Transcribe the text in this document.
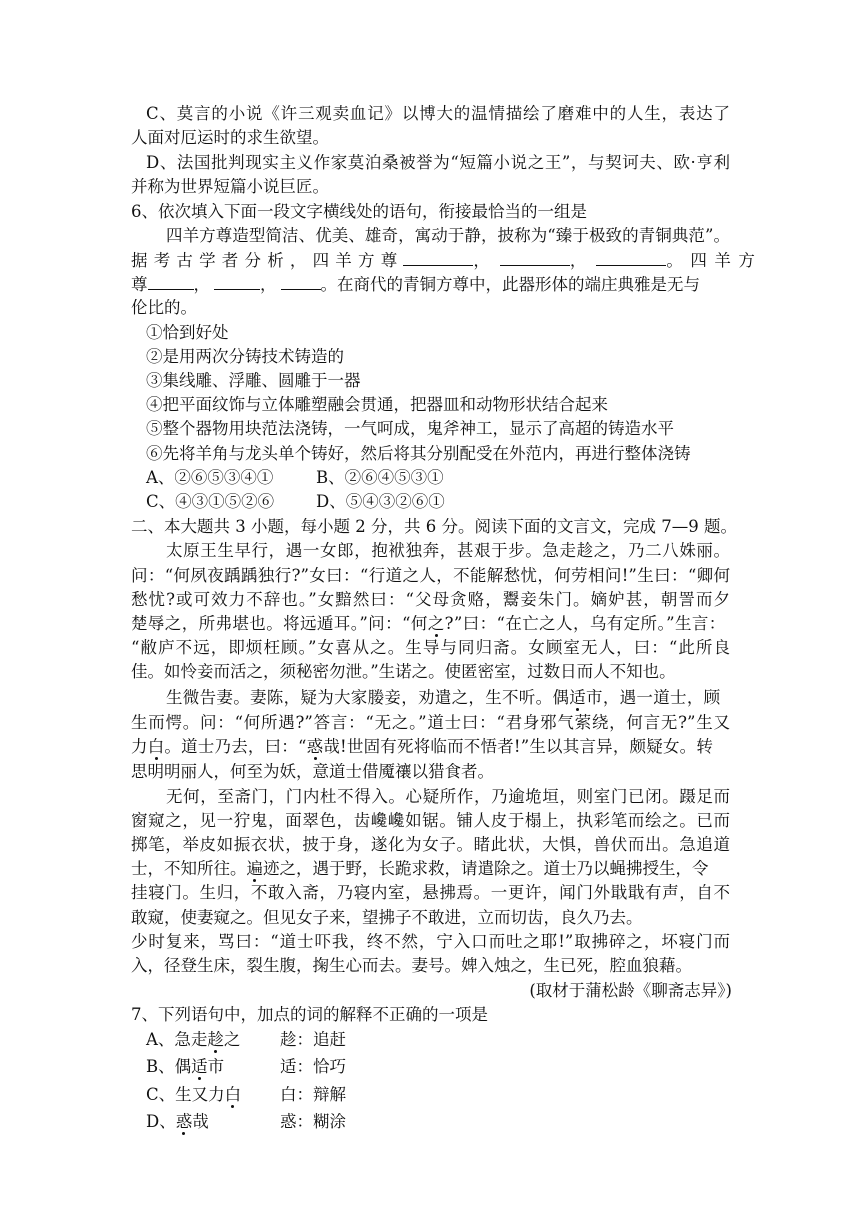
C、莫言的小说《许三观卖血记》以博大的温情描绘了磨难中的人生，表达了
人面对厄运时的求生欲望。
D、法国批判现实主义作家莫泊桑被誉为“短篇小说之王”，与契诃夫、欧·亨利
并称为世界短篇小说巨匠。
6、依次填入下面一段文字横线处的语句，衔接最恰当的一组是
四羊方尊造型简洁、优美、雄奇，寓动于静，披称为“臻于极致的青铜典范”。
据考古学者分析，四羊方尊	，	，	。四羊方
尊	，	，	。在商代的青铜方尊中，此器形体的端庄典雅是无与
伦比的。
①恰到好处
②是用两次分铸技术铸造的
③集线雕、浮雕、圆雕于一器
④把平面纹饰与立体雕塑融会贯通，把器皿和动物形状结合起来
⑤整个器物用块范法浇铸，一气呵成，鬼斧神工，显示了高超的铸造水平
⑥先将羊角与龙头单个铸好，然后将其分别配受在外范内，再进行整体浇铸
A、②⑥⑤③④①	B、②⑥④⑤③①
C、④③①⑤②⑥	D、⑤④③②⑥①
二、本大题共 3 小题，每小题 2 分，共 6 分。阅读下面的文言文，完成 7—9 题。
太原王生早行，遇一女郎，抱袱独奔，甚艰于步。急走趁之，乃二八姝丽。
问：“何夙夜踽踽独行?”女曰：“行道之人，不能解愁忧，何劳相问!”生曰：“卿何
愁忧?或可效力不辞也。”女黯然曰：“父母贪赂，鬻妾朱门。嫡妒甚，朝詈而夕
楚辱之，所弗堪也。将远遁耳。”问：“何之?”曰：“在亡之人，乌有定所。”生言：
“敝庐不远，即烦枉顾。”女喜从之。生导与同归斋。女顾室无人，曰：“此所良
佳。如怜妾而活之，须秘密勿泄。”生诺之。使匿密室，过数日而人不知也。
生微告妻。妻陈，疑为大家媵妾，劝遣之，生不听。偶适市，遇一道士，顾
生而愕。问：“何所遇?”答言：“无之。”道士曰：“君身邪气萦绕，何言无?”生又
力白。道士乃去，曰：“惑哉!世固有死将临而不悟者!”生以其言异，颇疑女。转
思明明丽人，何至为妖，意道士借魇禳以猎食者。
无何，至斋门，门内杜不得入。心疑所作，乃逾垝垣，则室门已闭。蹑足而
窗窥之，见一狞鬼，面翠色，齿巉巉如锯。铺人皮于榻上，执彩笔而绘之。已而
掷笔，举皮如振衣状，披于身，遂化为女子。睹此状，大惧，兽伏而出。急追道
士，不知所往。遍迹之，遇于野，长跪求救，请遣除之。道士乃以蝇拂授生，令
挂寝门。生归，不敢入斋，乃寝内室，悬拂焉。一更许，闻门外戢戢有声，自不
敢窥，使妻窥之。但见女子来，望拂子不敢进，立而切齿，良久乃去。
少时复来，骂曰：“道士吓我，终不然，宁入口而吐之耶!”取拂碎之，坏寝门而
入，径登生床，裂生腹，掬生心而去。妻号。婢入烛之，生已死，腔血狼藉。
(取材于蒲松龄《聊斋志异》)
7、下列语句中，加点的词的解释不正确的一项是
A、急走趁之 趁：追赶
B、偶适市	适：恰巧
C、生又力白 白：辩解
D、惑哉	惑：糊涂
